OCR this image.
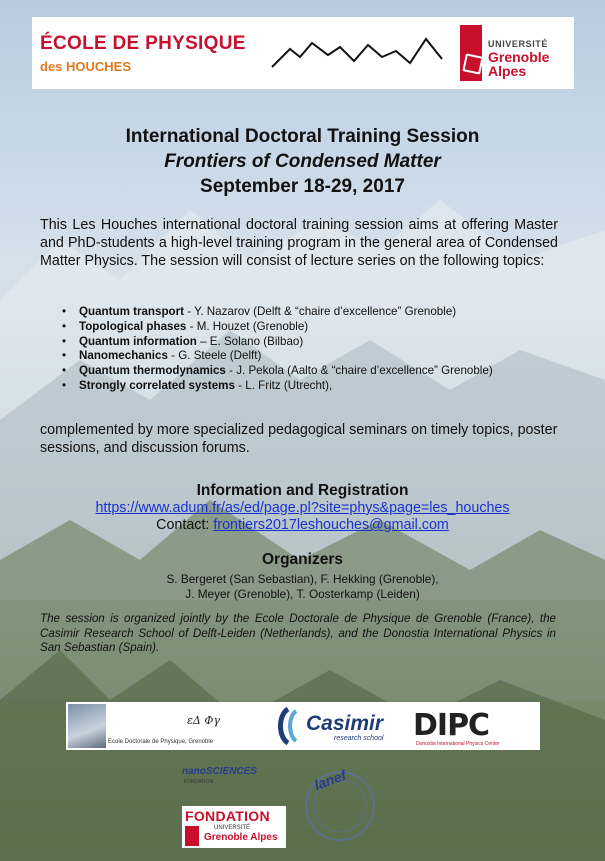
ÉCOLE DE PHYSIQUE
des HOUCHES
UNIVERSITÉ
Grenoble
Alpes
International Doctoral Training Session
Frontiers of Condensed Matter
September 18-29, 2017
This Les Houches international doctoral training session aims at offering Master and PhD-students a high-level training program in the general area of Condensed Matter Physics. The session will consist of lecture series on the following topics:
• Quantum transport - Y. Nazarov (Delft & “chaire d’excellence” Grenoble)
• Topological phases - M. Houzet (Grenoble)
• Quantum information – E. Solano (Bilbao)
• Nanomechanics - G. Steele (Delft)
• Quantum thermodynamics - J. Pekola (Aalto & “chaire d’excellence” Grenoble)
• Strongly correlated systems - L. Fritz (Utrecht),
complemented by more specialized pedagogical seminars on timely topics, poster sessions, and discussion forums.
Information and Registration
https://www.adum.fr/as/ed/page.pl?site=phys&page=les_houches
Contact: frontiers2017leshouches@gmail.com
Organizers
S. Bergeret (San Sebastian), F. Hekking (Grenoble),
J. Meyer (Grenoble), T. Oosterkamp (Leiden)
The session is organized jointly by the Ecole Doctorale de Physique de Grenoble (France), the Casimir Research School of Delft-Leiden (Netherlands), and the Donostia International Physics in San Sebastian (Spain).
εΔ Φγ
Ecole Doctorale de Physique, Grenoble
Casimir
research school DIPC
Donostia International Physics Center
nanoSCIENCES
FONDATION
FONDATION
UNIVERSITÉ
Grenoble Alpes
lanef
